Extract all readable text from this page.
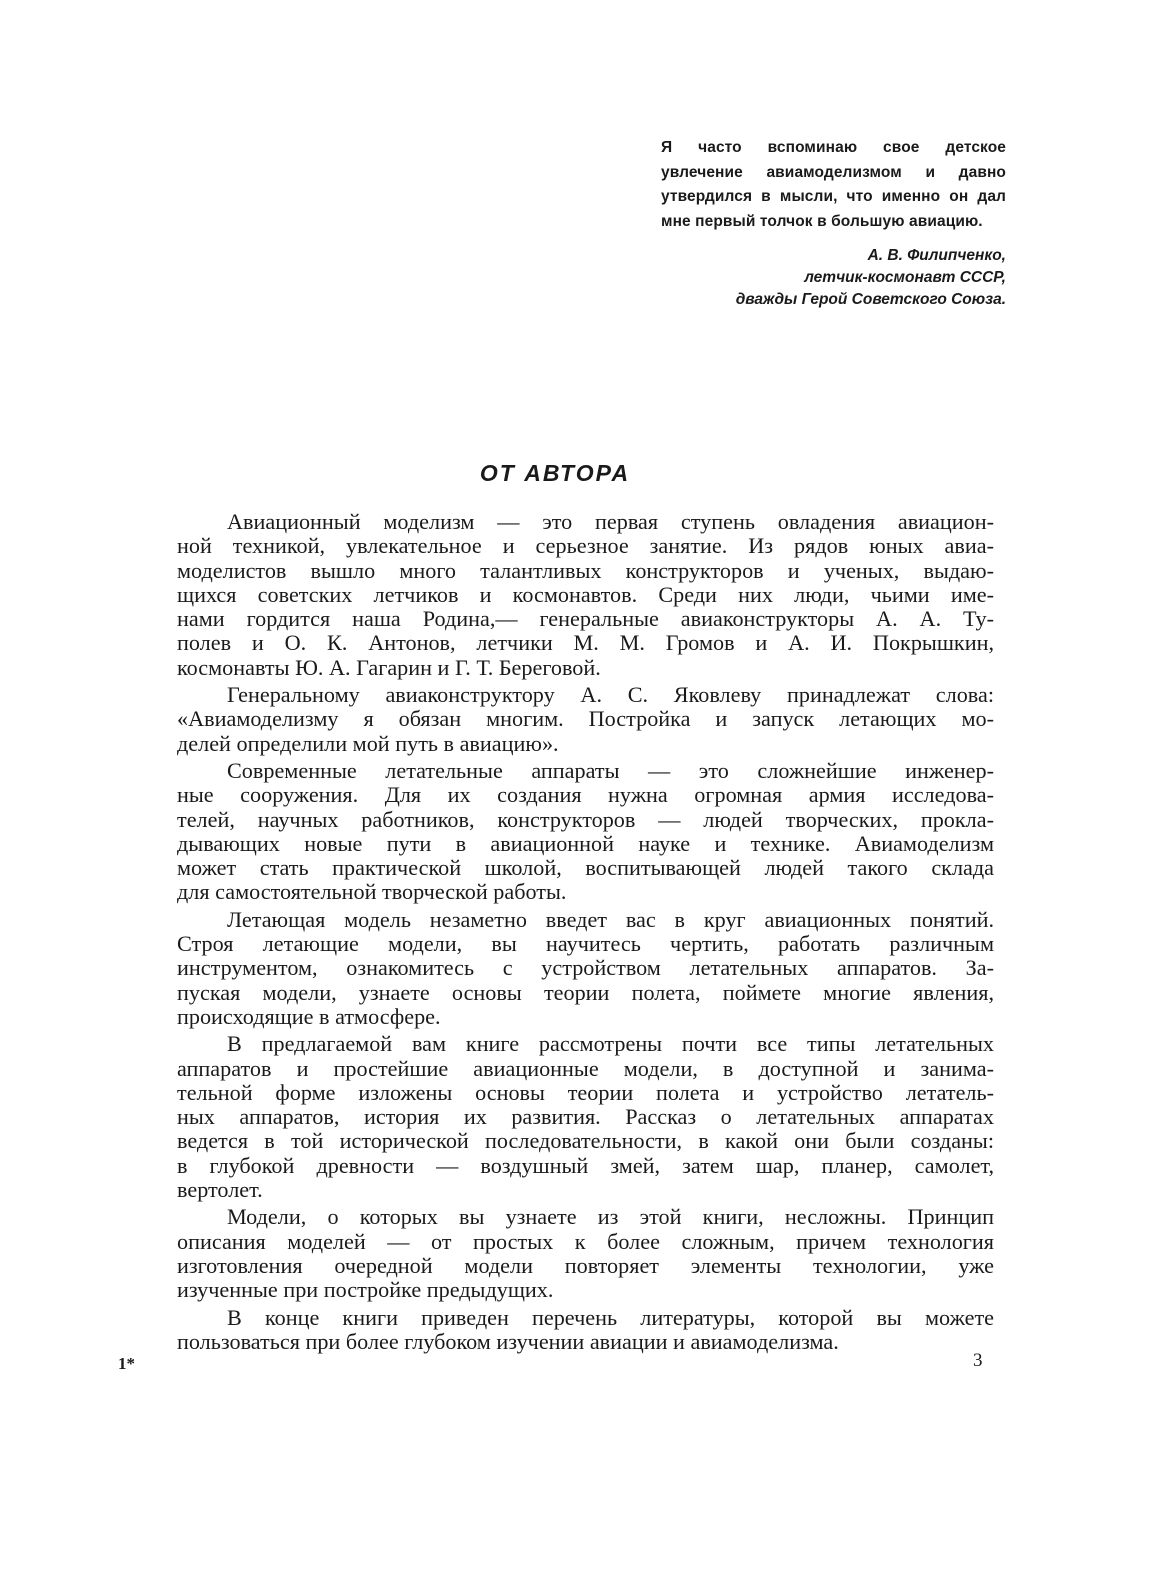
Я часто вспоминаю свое детское
увлечение авиамоделизмом и давно
утвердился в мысли, что именно он дал
мне первый толчок в большую авиацию.

А. В. Филипченко,
летчик-космонавт СССР,
дважды Герой Советского Союза.
ОТ АВТОРА
Авиационный моделизм — это первая ступень овладения авиацион-
ной техникой, увлекательное и серьезное занятие. Из рядов юных авиа-
моделистов вышло много талантливых конструкторов и ученых, выдаю-
щихся советских летчиков и космонавтов. Среди них люди, чьими име-
нами гордится наша Родина,— генеральные авиаконструкторы А. А. Ту-
полев и О. К. Антонов, летчики М. М. Громов и А. И. Покрышкин,
космонавты Ю. А. Гагарин и Г. Т. Береговой.
Генеральному авиаконструктору А. С. Яковлеву принадлежат слова:
«Авиамоделизму я обязан многим. Постройка и запуск летающих мо-
делей определили мой путь в авиацию».
Современные летательные аппараты — это сложнейшие инженер-
ные сооружения. Для их создания нужна огромная армия исследова-
телей, научных работников, конструкторов — людей творческих, прокла-
дывающих новые пути в авиационной науке и технике. Авиамоделизм
может стать практической школой, воспитывающей людей такого склада
для самостоятельной творческой работы.
Летающая модель незаметно введет вас в круг авиационных понятий.
Строя летающие модели, вы научитесь чертить, работать различным
инструментом, ознакомитесь с устройством летательных аппаратов. За-
пуская модели, узнаете основы теории полета, поймете многие явления,
происходящие в атмосфере.
В предлагаемой вам книге рассмотрены почти все типы летательных
аппаратов и простейшие авиационные модели, в доступной и занима-
тельной форме изложены основы теории полета и устройство летатель-
ных аппаратов, история их развития. Рассказ о летательных аппаратах
ведется в той исторической последовательности, в какой они были созданы:
в глубокой древности — воздушный змей, затем шар, планер, самолет,
вертолет.
Модели, о которых вы узнаете из этой книги, несложны. Принцип
описания моделей — от простых к более сложным, причем технология
изготовления очередной модели повторяет элементы технологии, уже
изученные при постройке предыдущих.
В конце книги приведен перечень литературы, которой вы можете
пользоваться при более глубоком изучении авиации и авиамоделизма.
1*	3
